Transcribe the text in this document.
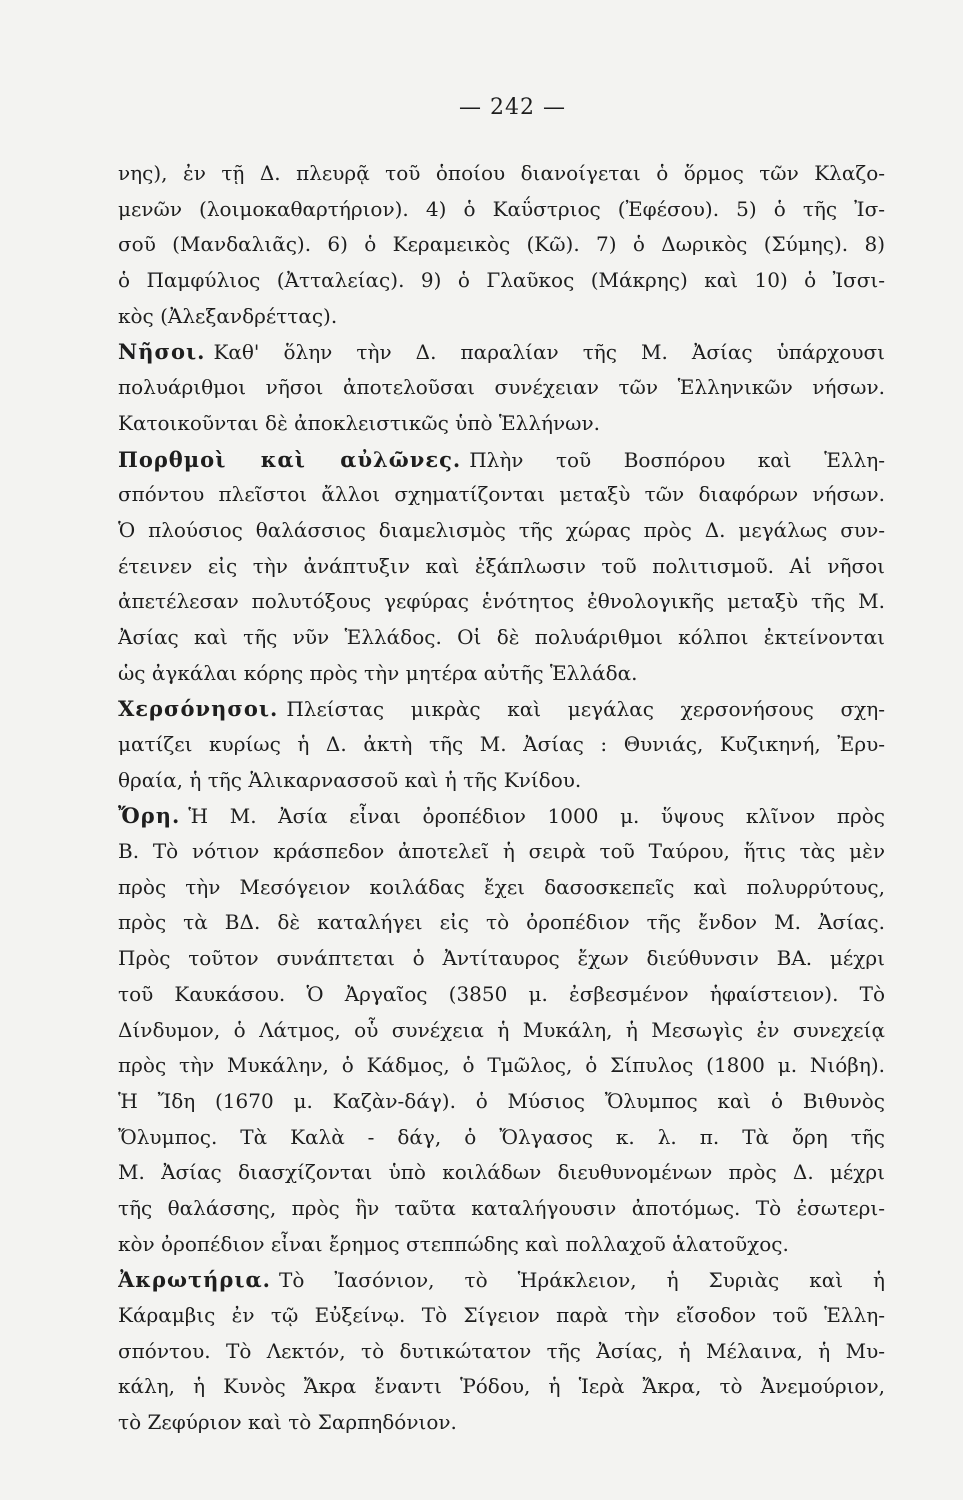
— 242 —
νης), ἐν τῇ Δ. πλευρᾷ τοῦ ὁποίου διανοίγεται ὁ ὅρμος τῶν Κλαζο-
μενῶν (λοιμοκαθαρτήριον). 4) ὁ Καΰστριος (Ἐφέσου). 5) ὁ τῆς Ἰσ-
σοῦ (Μανδαλιᾶς). 6) ὁ Κεραμεικὸς (Κῶ). 7) ὁ Δωρικὸς (Σύμης). 8)
ὁ Παμφύλιος (Ἀτταλείας). 9) ὁ Γλαῦκος (Μάκρης) καὶ 10) ὁ Ἰσσι-
κὸς (Ἀλεξανδρέττας).
Νῆσοι. Καθ' ὅλην τὴν Δ. παραλίαν τῆς Μ. Ἀσίας ὑπάρχουσι
πολυάριθμοι νῆσοι ἀποτελοῦσαι συνέχειαν τῶν Ἑλληνικῶν νήσων.
Κατοικοῦνται δὲ ἀποκλειστικῶς ὑπὸ Ἑλλήνων.
Πορθμοὶ καὶ αὐλῶνες. Πλὴν τοῦ Βοσπόρου καὶ Ἑλλη-
σπόντου πλεῖστοι ἄλλοι σχηματίζονται μεταξὺ τῶν διαφόρων νήσων.
Ὁ πλούσιος θαλάσσιος διαμελισμὸς τῆς χώρας πρὸς Δ. μεγάλως συν-
έτεινεν εἰς τὴν ἀνάπτυξιν καὶ ἐξάπλωσιν τοῦ πολιτισμοῦ. Αἱ νῆσοι
ἀπετέλεσαν πολυτόξους γεφύρας ἑνότητος ἐθνολογικῆς μεταξὺ τῆς Μ.
Ἀσίας καὶ τῆς νῦν Ἑλλάδος. Οἱ δὲ πολυάριθμοι κόλποι ἐκτείνονται
ὡς ἀγκάλαι κόρης πρὸς τὴν μητέρα αὐτῆς Ἑλλάδα.
Χερσόνησοι. Πλείστας μικρὰς καὶ μεγάλας χερσονήσους σχη-
ματίζει κυρίως ἡ Δ. ἀκτὴ τῆς Μ. Ἀσίας : Θυνιάς, Κυζικηνή, Ἐρυ-
θραία, ἡ τῆς Ἁλικαρνασσοῦ καὶ ἡ τῆς Κνίδου.
Ὄρη. Ἡ Μ. Ἀσία εἶναι ὀροπέδιον 1000 μ. ὕψους κλῖνον πρὸς
Β. Τὸ νότιον κράσπεδον ἀποτελεῖ ἡ σειρὰ τοῦ Ταύρου, ἥτις τὰς μὲν
πρὸς τὴν Μεσόγειον κοιλάδας ἔχει δασοσκεπεῖς καὶ πολυρρύτους,
πρὸς τὰ ΒΔ. δὲ καταλήγει εἰς τὸ ὀροπέδιον τῆς ἔνδον Μ. Ἀσίας.
Πρὸς τοῦτον συνάπτεται ὁ Ἀντίταυρος ἔχων διεύθυνσιν ΒΑ. μέχρι
τοῦ Καυκάσου. Ὁ Ἀργαῖος (3850 μ. ἐσβεσμένον ἡφαίστειον). Τὸ
Δίνδυμον, ὁ Λάτμος, οὗ συνέχεια ἡ Μυκάλη, ἡ Μεσωγὶς ἐν συνεχείᾳ
πρὸς τὴν Μυκάλην, ὁ Κάδμος, ὁ Τμῶλος, ὁ Σίπυλος (1800 μ. Νιόβη).
Ἡ Ἴδη (1670 μ. Καζὰν-δάγ). ὁ Μύσιος Ὄλυμπος καὶ ὁ Βιθυνὸς
Ὄλυμπος. Τὰ Καλὰ - δάγ, ὁ Ὄλγασος κ. λ. π. Τὰ ὄρη τῆς
Μ. Ἀσίας διασχίζονται ὑπὸ κοιλάδων διευθυνομένων πρὸς Δ. μέχρι
τῆς θαλάσσης, πρὸς ἣν ταῦτα καταλήγουσιν ἀποτόμως. Τὸ ἐσωτερι-
κὸν ὀροπέδιον εἶναι ἔρημος στεππώδης καὶ πολλαχοῦ ἁλατοῦχος.
Ἀκρωτήρια. Τὸ Ἰασόνιον, τὸ Ἡράκλειον, ἡ Συριὰς καὶ ἡ
Κάραμβις ἐν τῷ Εὐξείνῳ. Τὸ Σίγειον παρὰ τὴν εἴσοδον τοῦ Ἑλλη-
σπόντου. Τὸ Λεκτόν, τὸ δυτικώτατον τῆς Ἀσίας, ἡ Μέλαινα, ἡ Μυ-
κάλη, ἡ Κυνὸς Ἄκρα ἔναντι Ῥόδου, ἡ Ἱερὰ Ἄκρα, τὸ Ἀνεμούριον,
τὸ Ζεφύριον καὶ τὸ Σαρπηδόνιον.
